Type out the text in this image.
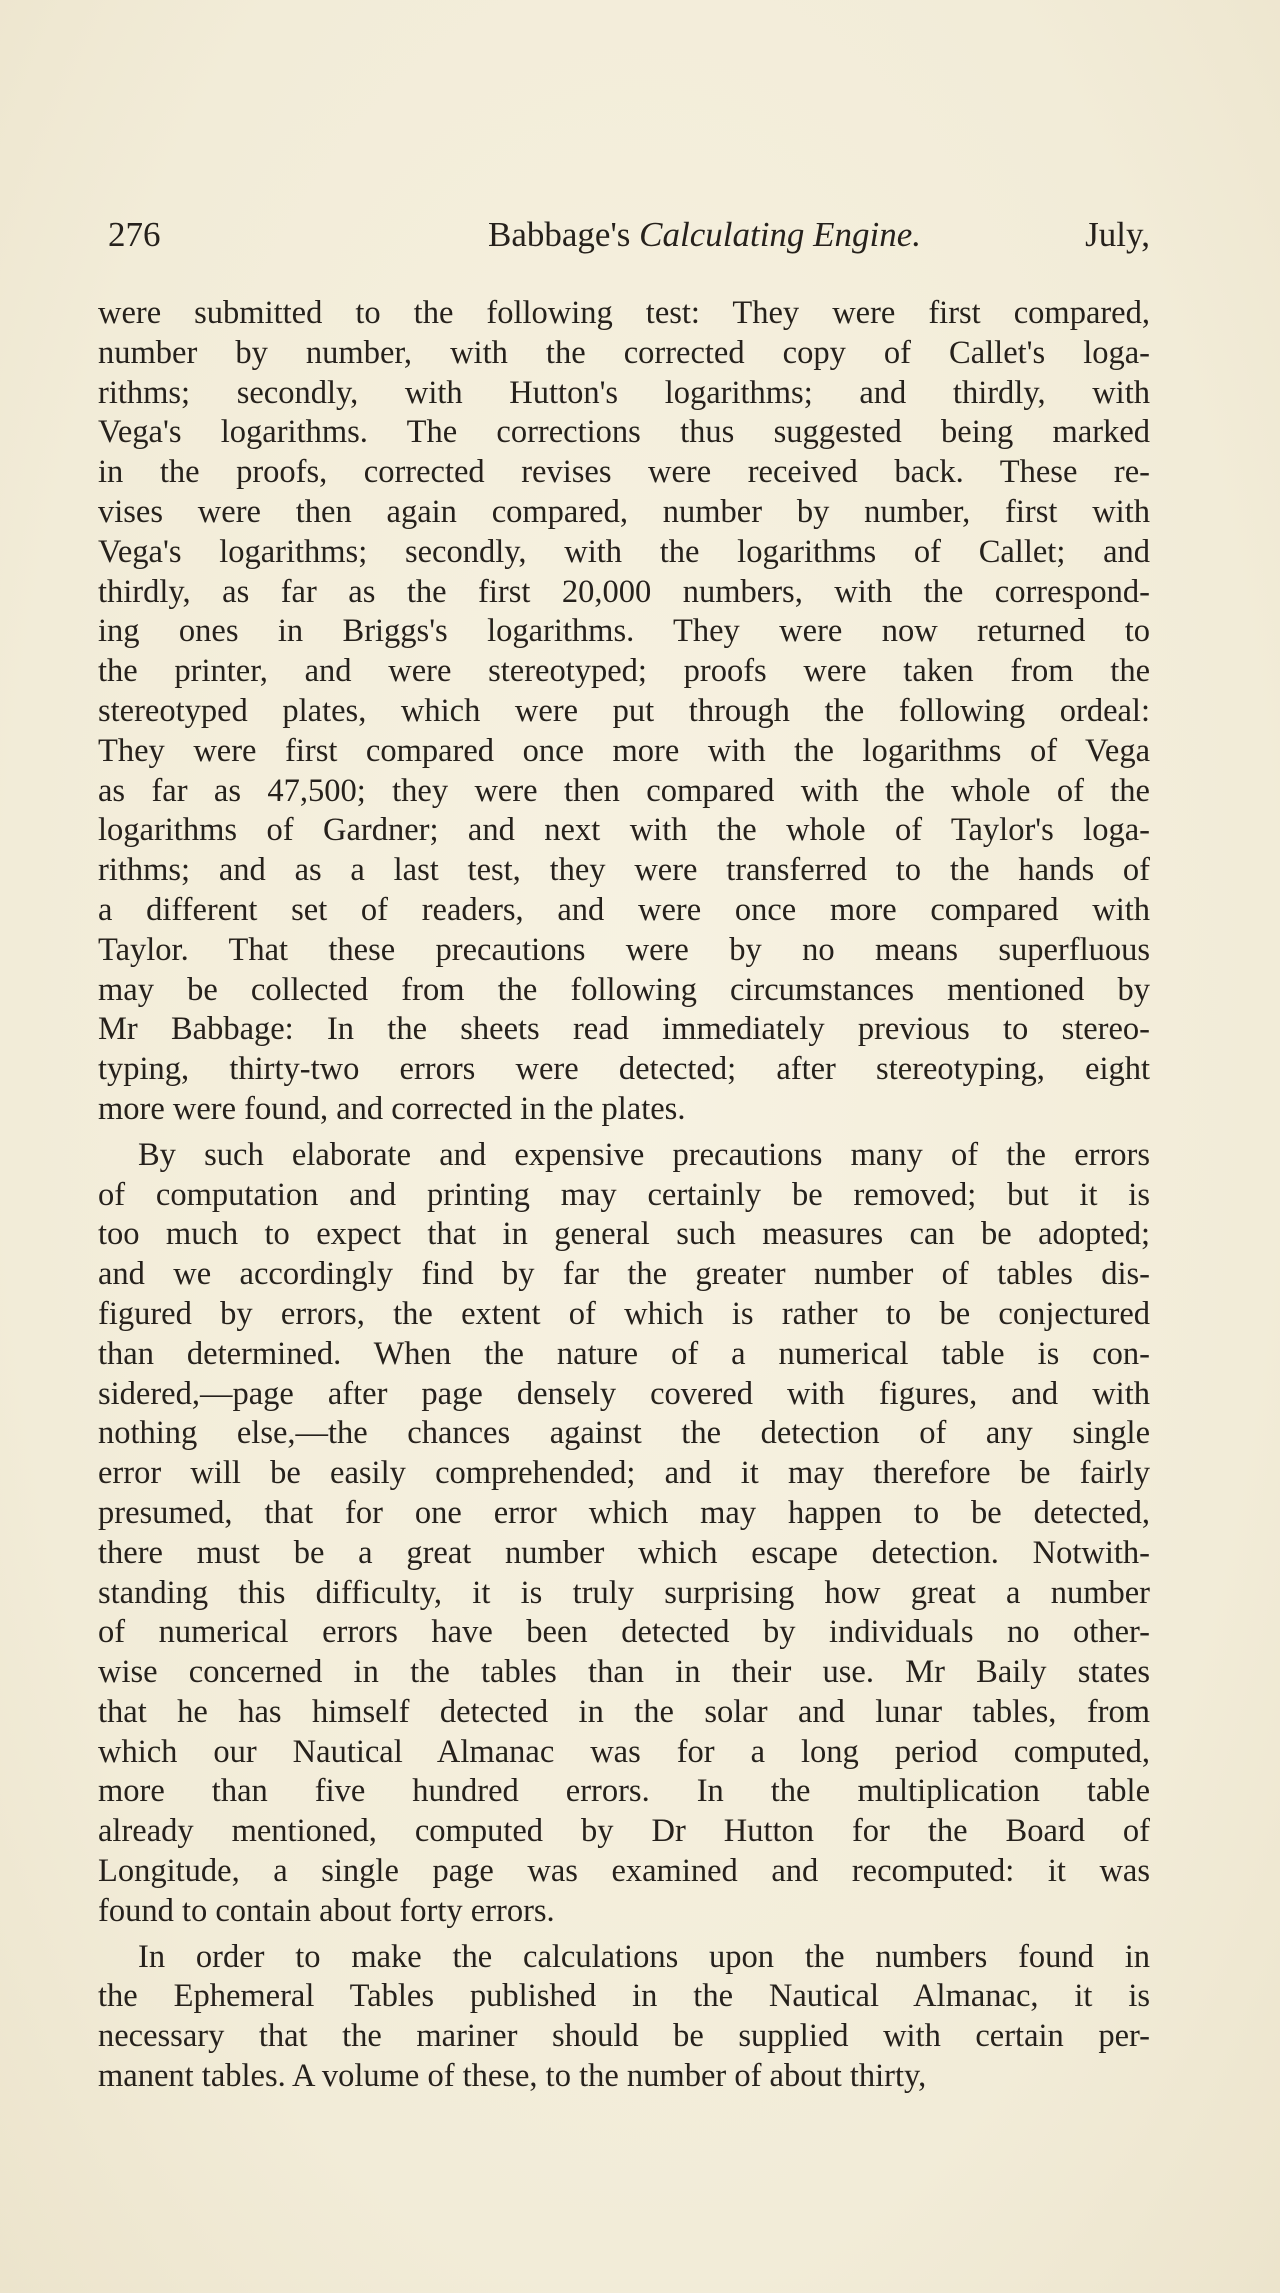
276	Babbage's Calculating Engine.	July,
were submitted to the following test: They were first compared,
number by number, with the corrected copy of Callet's loga-
rithms; secondly, with Hutton's logarithms; and thirdly, with
Vega's logarithms. The corrections thus suggested being marked
in the proofs, corrected revises were received back. These re-
vises were then again compared, number by number, first with
Vega's logarithms; secondly, with the logarithms of Callet; and
thirdly, as far as the first 20,000 numbers, with the correspond-
ing ones in Briggs's logarithms. They were now returned to
the printer, and were stereotyped; proofs were taken from the
stereotyped plates, which were put through the following ordeal:
They were first compared once more with the logarithms of Vega
as far as 47,500; they were then compared with the whole of the
logarithms of Gardner; and next with the whole of Taylor's loga-
rithms; and as a last test, they were transferred to the hands of
a different set of readers, and were once more compared with
Taylor. That these precautions were by no means superfluous
may be collected from the following circumstances mentioned by
Mr Babbage: In the sheets read immediately previous to stereo-
typing, thirty-two errors were detected; after stereotyping, eight
more were found, and corrected in the plates.
By such elaborate and expensive precautions many of the errors
of computation and printing may certainly be removed; but it is
too much to expect that in general such measures can be adopted;
and we accordingly find by far the greater number of tables dis-
figured by errors, the extent of which is rather to be conjectured
than determined. When the nature of a numerical table is con-
sidered,—page after page densely covered with figures, and with
nothing else,—the chances against the detection of any single
error will be easily comprehended; and it may therefore be fairly
presumed, that for one error which may happen to be detected,
there must be a great number which escape detection. Notwith-
standing this difficulty, it is truly surprising how great a number
of numerical errors have been detected by individuals no other-
wise concerned in the tables than in their use. Mr Baily states
that he has himself detected in the solar and lunar tables, from
which our Nautical Almanac was for a long period computed,
more than five hundred errors. In the multiplication table
already mentioned, computed by Dr Hutton for the Board of
Longitude, a single page was examined and recomputed: it was
found to contain about forty errors.
In order to make the calculations upon the numbers found in
the Ephemeral Tables published in the Nautical Almanac, it is
necessary that the mariner should be supplied with certain per-
manent tables. A volume of these, to the number of about thirty,
